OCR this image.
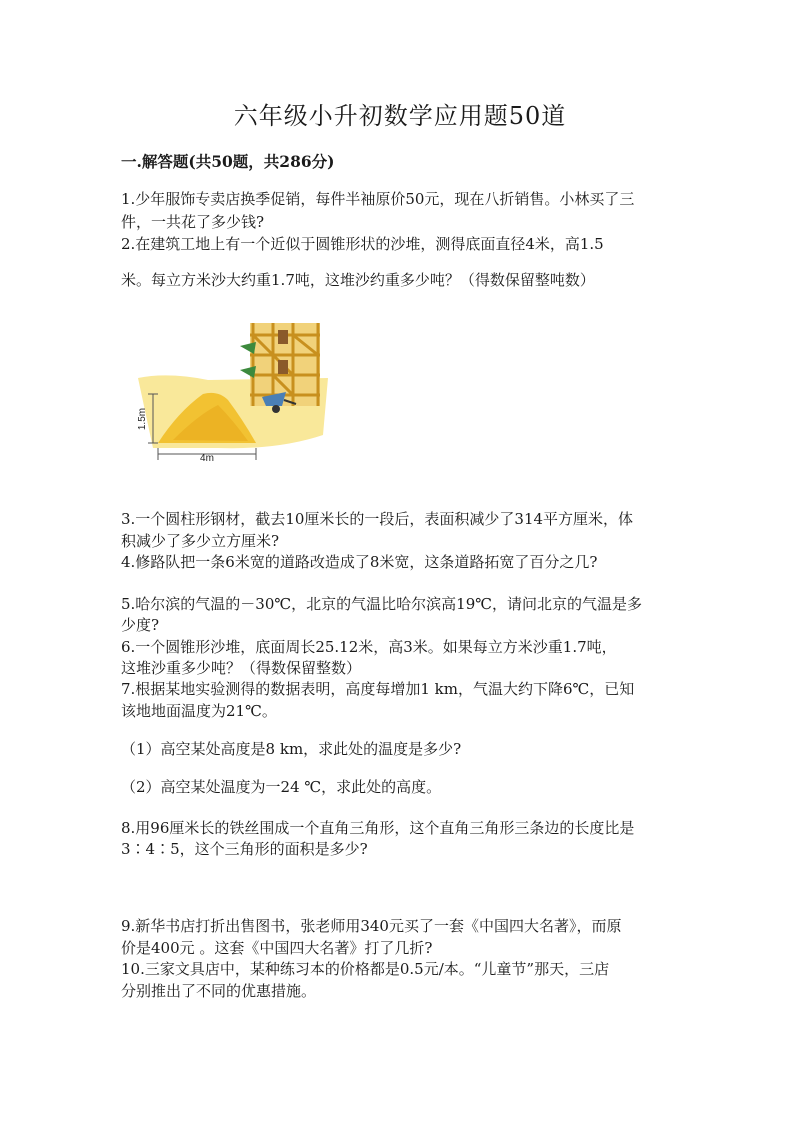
六年级小升初数学应用题50道
一.解答题(共50题，共286分)
1.少年服饰专卖店换季促销，每件半袖原价50元，现在八折销售。小林买了三
件，一共花了多少钱?
2.在建筑工地上有一个近似于圆锥形状的沙堆，测得底面直径4米，高1.5
米。每立方米沙大约重1.7吨，这堆沙约重多少吨？（得数保留整吨数）
1.5m
4m
3.一个圆柱形钢材，截去10厘米长的一段后，表面积减少了314平方厘米，体
积减少了多少立方厘米?
4.修路队把一条6米宽的道路改造成了8米宽，这条道路拓宽了百分之几?
5.哈尔滨的气温的－30℃，北京的气温比哈尔滨高19℃，请问北京的气温是多
少度?
6.一个圆锥形沙堆，底面周长25.12米，高3米。如果每立方米沙重1.7吨，
这堆沙重多少吨？（得数保留整数）
7.根据某地实验测得的数据表明，高度每增加1 km，气温大约下降6℃，已知
该地地面温度为21℃。
（1）高空某处高度是8 km，求此处的温度是多少?
（2）高空某处温度为一24 ℃，求此处的高度。
8.用96厘米长的铁丝围成一个直角三角形，这个直角三角形三条边的长度比是
3∶4∶5，这个三角形的面积是多少?
9.新华书店打折出售图书，张老师用340元买了一套《中国四大名著》，而原
价是400元 。这套《中国四大名著》打了几折?
10.三家文具店中，某种练习本的价格都是0.5元/本。“儿童节”那天，三店
分别推出了不同的优惠措施。
